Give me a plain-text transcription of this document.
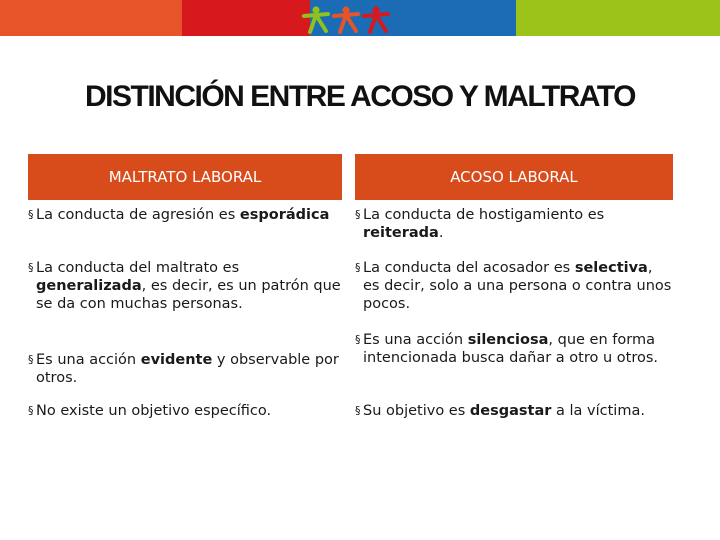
DISTINCIÓN ENTRE ACOSO Y MALTRATO
MALTRATO LABORAL
§ La conducta de agresión es esporádica
§ La conducta del maltrato es generalizada, es decir, es un patrón que se da con muchas personas.
§ Es una acción evidente y observable por otros.
§ No existe un objetivo específico.
ACOSO LABORAL
§ La conducta de hostigamiento es reiterada.
§ La conducta del acosador es selectiva, es decir, solo a una persona o contra unos pocos.
§ Es una acción silenciosa, que en forma intencionada busca dañar a otro u otros.
§ Su objetivo es desgastar a la víctima.
